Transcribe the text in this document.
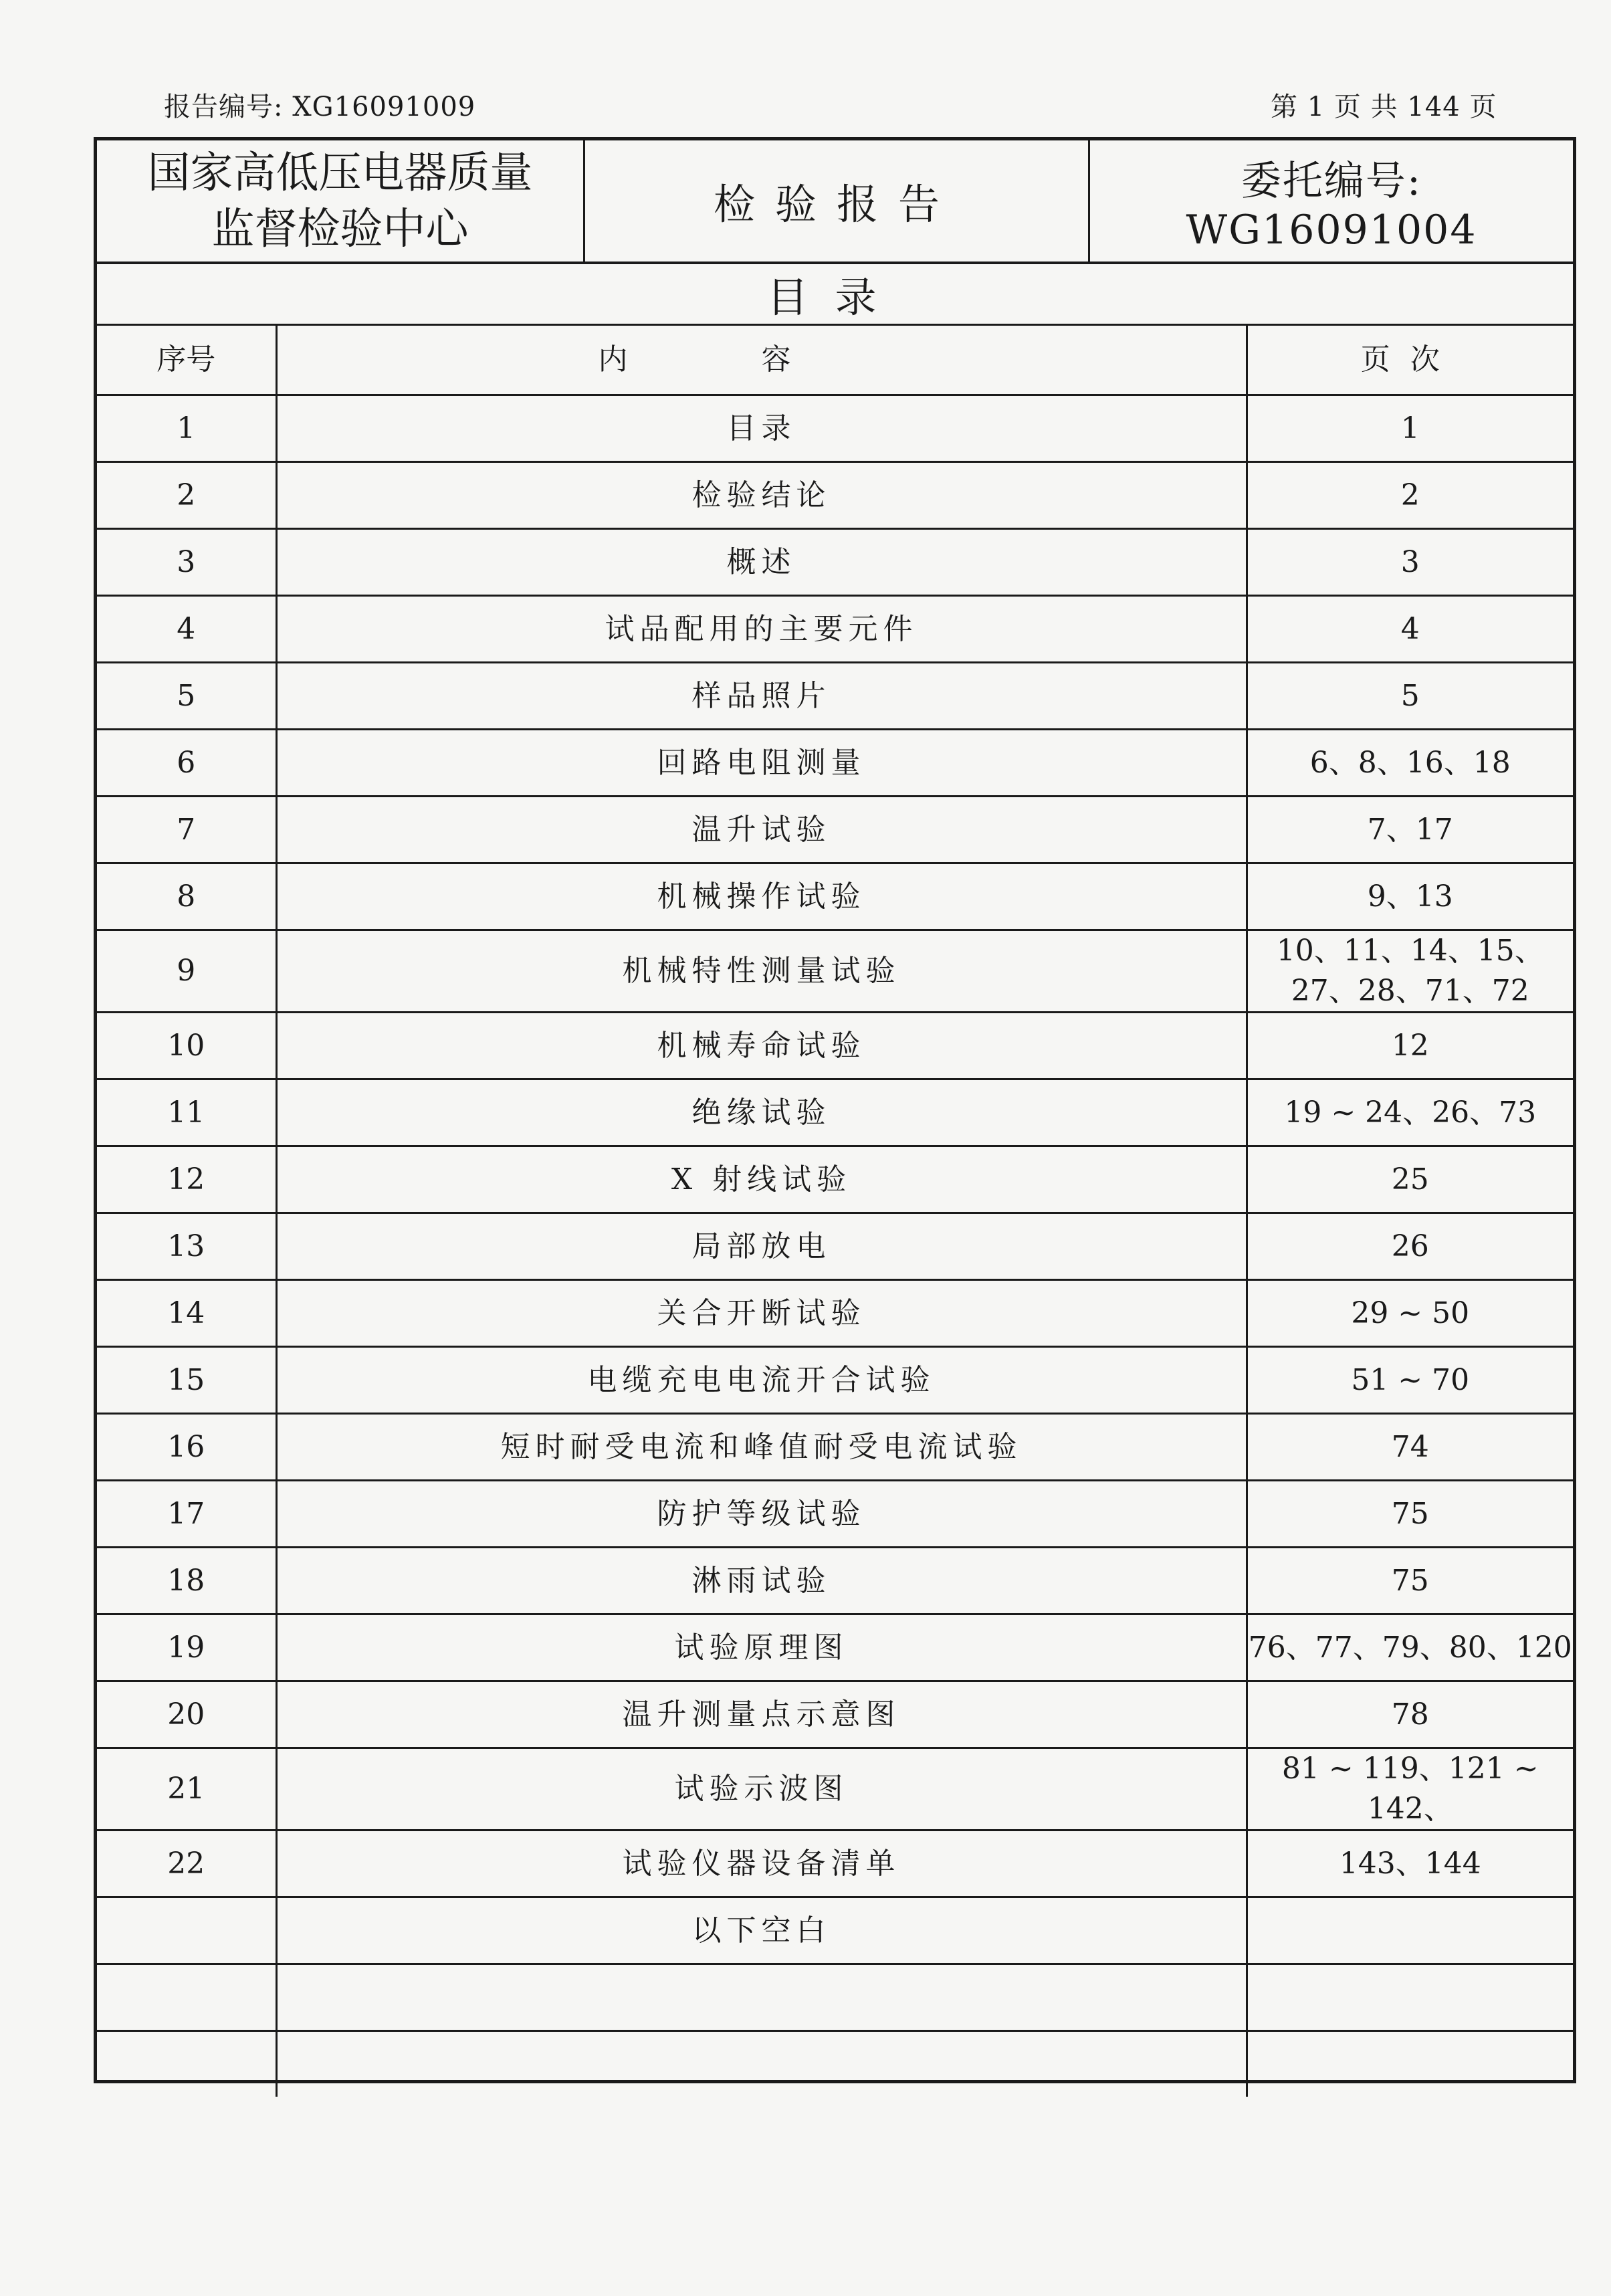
报告编号: XG16091009	第 1 页 共 144 页
国家高低压电器质量
监督检验中心	检验报告	委托编号: WG16091004
目录
序号	内容	页次
1	目录	1
2	检验结论	2
3	概述	3
4	试品配用的主要元件	4
5	样品照片	5
6	回路电阻测量	6、8、16、18
7	温升试验	7、17
8	机械操作试验	9、13
9	机械特性测量试验	10、11、14、15、27、28、71、72
10	机械寿命试验	12
11	绝缘试验	19 ~ 24、26、73
12	X 射线试验	25
13	局部放电	26
14	关合开断试验	29 ~ 50
15	电缆充电电流开合试验	51 ~ 70
16	短时耐受电流和峰值耐受电流试验	74
17	防护等级试验	75
18	淋雨试验	75
19	试验原理图	76、77、79、80、120
20	温升测量点示意图	78
21	试验示波图	81 ~ 119、121 ~ 142、
22	试验仪器设备清单	143、144
	以下空白	
